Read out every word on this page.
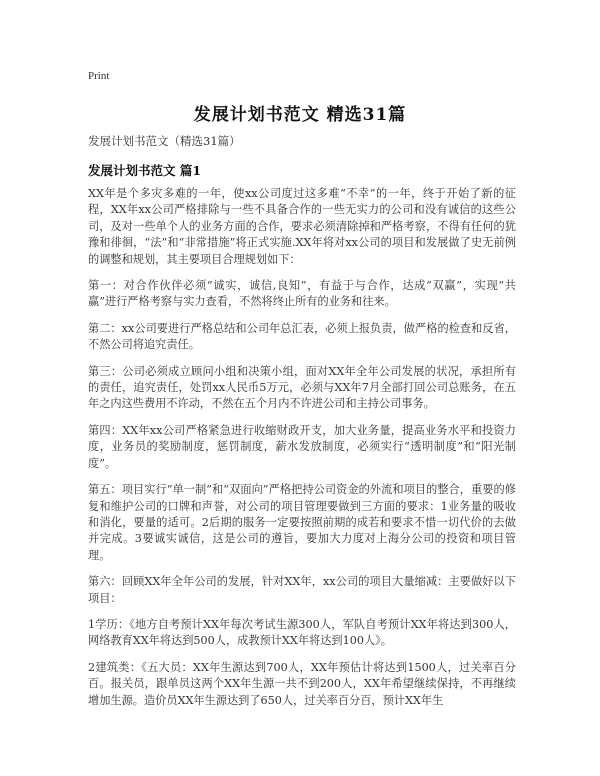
Print
发展计划书范文 精选31篇
发展计划书范文（精选31篇）
发展计划书范文 篇1

XX年是个多灾多难的一年，使xx公司度过这多难“不幸”的一年，终于开始了新的征程，XX年xx公司严格排除与一些不具备合作的一些无实力的公司和没有诚信的这些公司，及对一些单个人的业务方面的合作，要求必须清除掉和严格考察，不得有任何的犹豫和徘徊，“法”和“非常措施”将正式实施.XX年将对xx公司的项目和发展做了史无前例的调整和规划，其主要项目合理规划如下：

第一：对合作伙伴必须“诚实，诚信,良知”，有益于与合作，达成“双赢”，实现“共赢”进行严格考察与实力查看，不然将终止所有的业务和往来。

第二：xx公司要进行严格总结和公司年总汇表，必须上报负责，做严格的检查和反省，不然公司将追究责任。

第三：公司必须成立顾问小组和决策小组，面对XX年全年公司发展的状况，承担所有的责任，追究责任，处罚xx人民币5万元，必须与XX年7月全部打回公司总账务，在五年之内这些费用不许动，不然在五个月内不许进公司和主持公司事务。

第四：XX年xx公司严格紧急进行收缩财政开支，加大业务量，提高业务水平和投资力度，业务员的奖励制度，惩罚制度，薪水发放制度，必须实行“透明制度”和“阳光制度”。

第五：项目实行“单一制”和“双面向”严格把持公司资金的外流和项目的整合，重要的修复和维护公司的口牌和声誉，对公司的项目管理要做到三方面的要求：1业务量的吸收和消化，要量的适可。2后期的服务一定要按照前期的成若和要求不惜一切代价的去做并完成。3要诚实诚信，这是公司的遵旨，要加大力度对上海分公司的投资和项目管理。

第六：回顾XX年全年公司的发展，针对XX年，xx公司的项目大量缩减：主要做好以下项目：

1学历：《地方自考预计XX年每次考试生源300人，军队自考预计XX年将达到300人，网络教育XX年将达到500人，成教预计XX年将达到100人》。

2建筑类：《五大员：XX年生源达到700人，XX年预估计将达到1500人，过关率百分百。报关员，跟单员这两个XX年生源一共不到200人，XX年希望继续保持，不再继续增加生源。造价员XX年生源达到了650人，过关率百分百，预计XX年生
